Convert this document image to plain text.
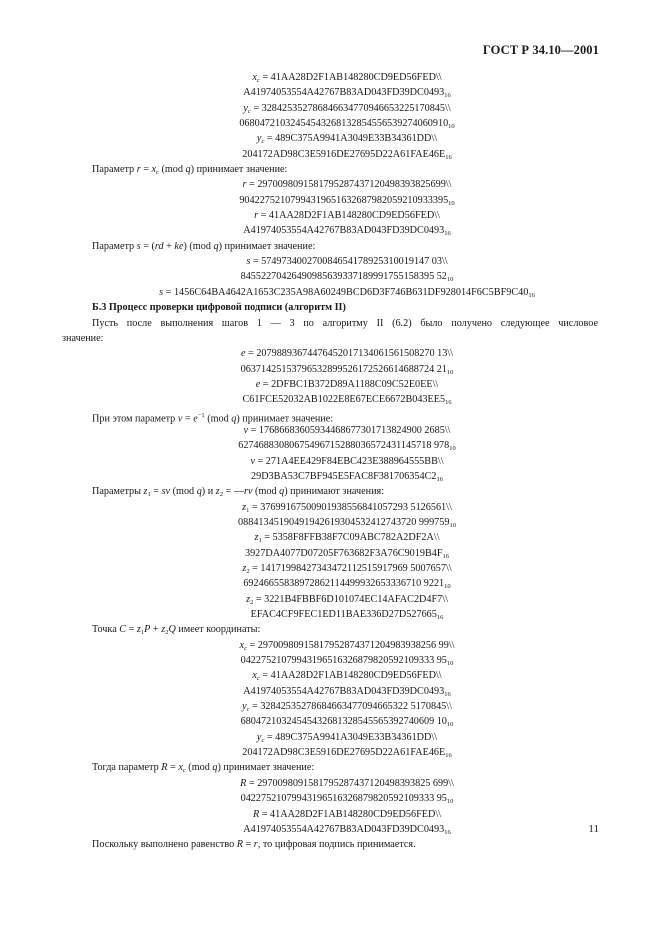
ГОСТ Р 34.10—2001
$x_c$ = 41AA28D2F1AB148280CD9ED56FED\\
$A41974053554A42767B83AD043FD39DC0493_{16}$
$y_c$ = 328425352786846634770946653225170845\\
$06804721032454543268132854556539274060910_{10}$
$y_c$ = 489C375A9941A3049E33B34361DD\\
$204172AD98C3E5916DE27695D22A61FAE46E_{16}$
Параметр $r = x_c$ (mod q) принимает значение:
r = 2970098091581795287437120498393825699\\
$90422752107994319651632687982059210933395_{10}$
r = 41AA28D2F1AB148280CD9ED56FED\\
$A41974053554A42767B83AD043FD39DC0493_{16}$
Параметр s = (rd + ke) (mod q) принимает значение:
s = 574973400270084654178925310019147 03\\
84552270426490985639337189991755158395 $52_{10}$
$s = 1456C64BA4642A1653C235A98A60249BCD6D3F746B631DF928014F6C5BF9C40_{16}$
Б.3 Процесс проверки цифровой подписи (алгоритм II)
Пусть после выполнения шагов 1 — 3 по алгоритму II (6.2) было получено следующее числовое
значение:
e = 20798893674476452017134061561508270 13\\
06371425153796532899526172526614688724 $21_{10}$
e = 2DFBC1B372D89A1188C09C52E0EE\\
$C61FCE52032AB1022E8E67ECE6672B043EE5_{16}$
При этом параметр $v = e^{-1}$ (mod q) принимает значение:
v = 17686683605934468677301713824900 2685\\
62746883080675496715288036572431145718 $978_{10}$
v = 271A4EE429F84EBC423E388964555BB\\
$29D3BA53C7BF945E5FAC8F381706354C2_{16}$
Параметры $z_1$ = sv (mod q) и $z_2$ = —rv (mod q) принимают значения:
$z_1 = 37699167500901938556841057293$ 5126561\\
08841345190491942619304532412743720 $999759_{10}$
$z_1$ = 5358F8FFB38F7C09ABC782A2DF2A\\
$3927DA4077D07205F763682F3A76C9019B4F_{16}$
$z_2 = 14171998427343472112515917969$ 5007657\\
69246655838972862114499932653336710 $9221_{10}$
$z_2$ = 3221B4FBBF6D101074EC14AFAC2D4F7\\
$EFAC4CF9FEC1ED11BAE336D27D527665_{16}$
Точка $C = z_1P + z_2Q$ имеет координаты:
$x_c = 29700980915817952874371204983938256$ 99\\
04227521079943196516326879820592109333 $95_{10}$
$x_c$ = 41AA28D2F1AB148280CD9ED56FED\\
$A41974053554A42767B83AD043FD39DC0493_{16}$
$y_c = 32842535278684663477094665322$ 5170845\\
68047210324545432681328545565392740609 $10_{10}$
$y_c$ = 489C375A9941A3049E33B34361DD\\
$204172AD98C3E5916DE27695D22A61FAE46E_{16}$
Тогда параметр $R = x_c$ (mod q) принимает значение:
R = 2970098091581795287437120498393825 699\\
04227521079943196516326879820592109333 $95_{10}$
R = 41AA28D2F1AB148280CD9ED56FED\\
$A41974053554A42767B83AD043FD39DC0493_{16}$
Поскольку выполнено равенство R = r, то цифровая подпись принимается.
11
